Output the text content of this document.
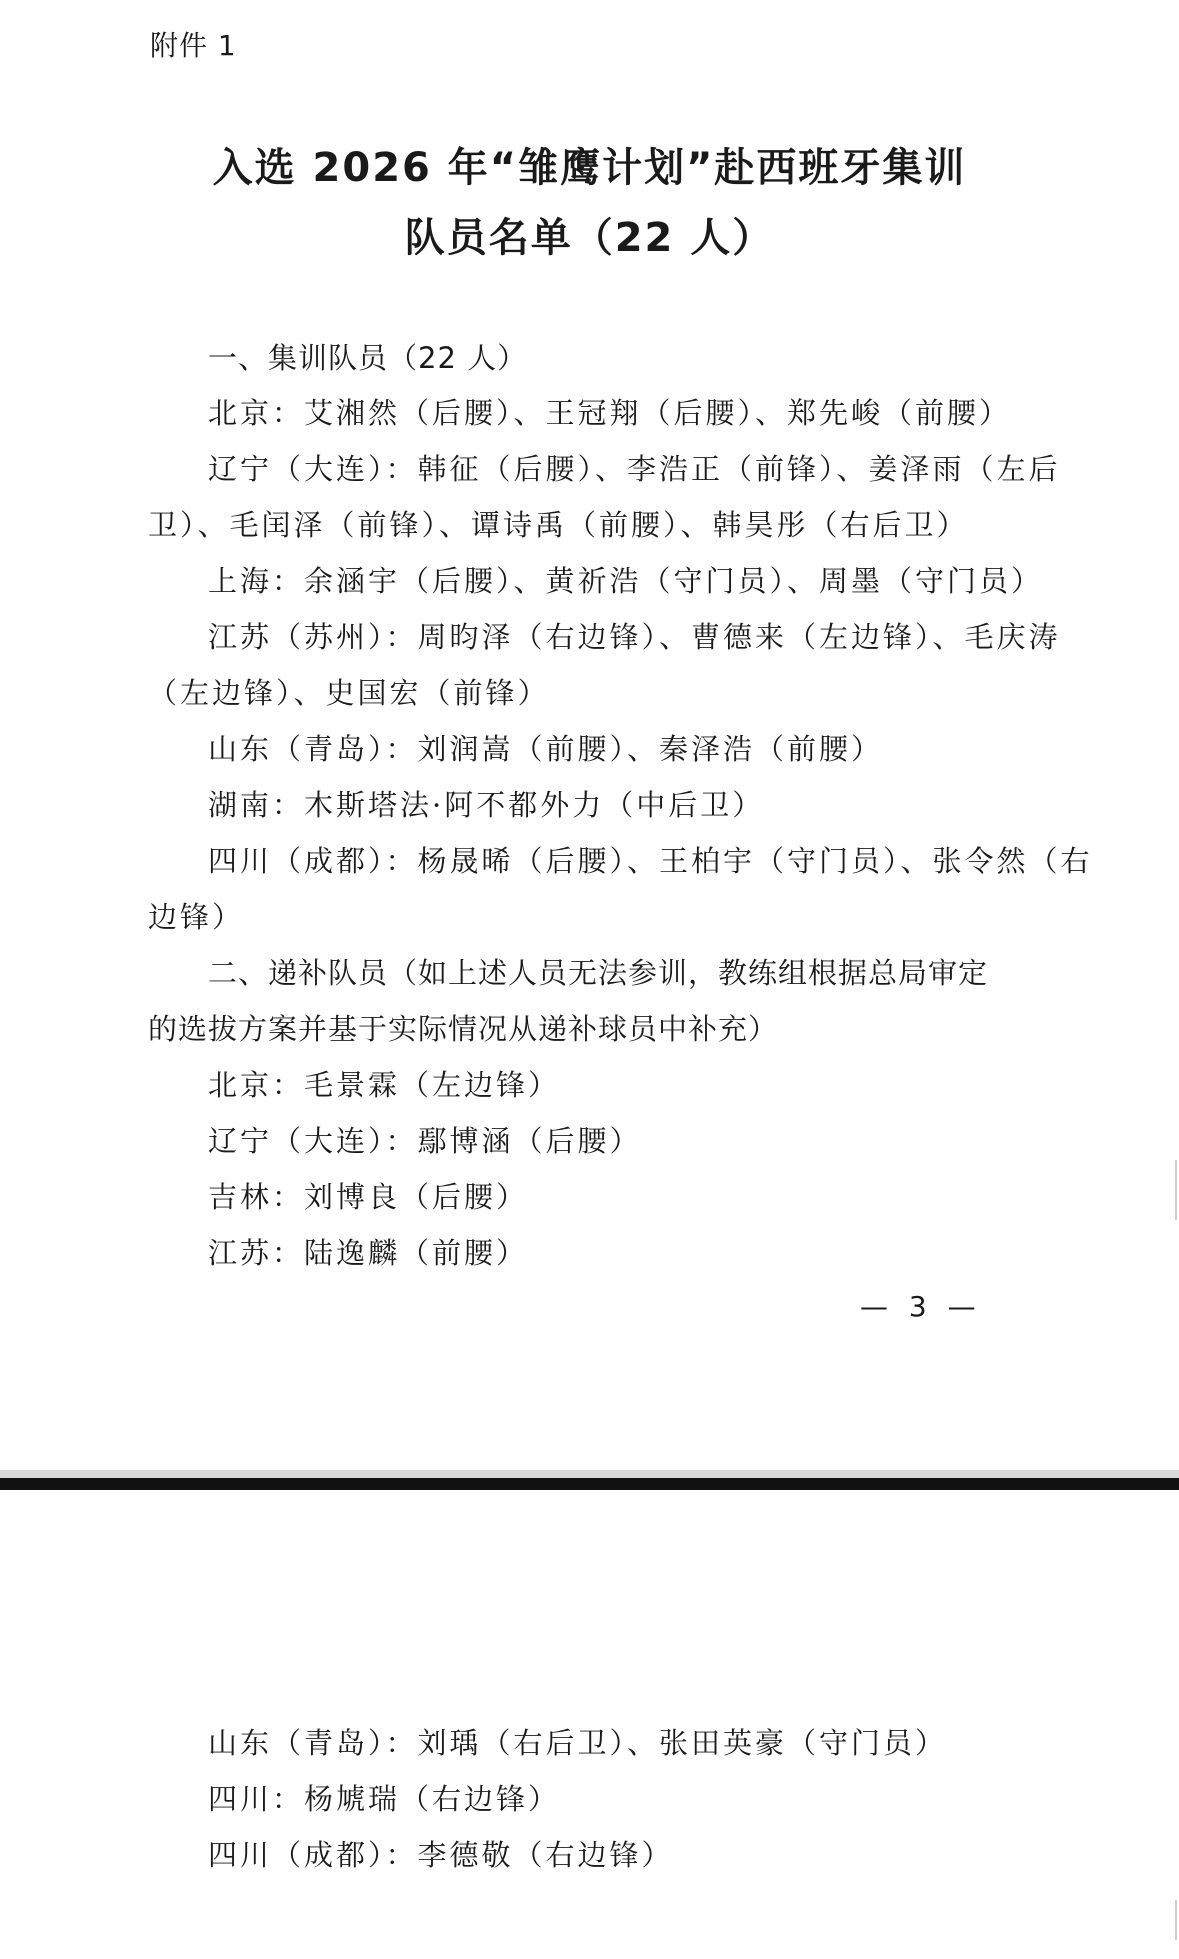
附件 1
入选 2026 年“雏鹰计划”赴西班牙集训
队员名单（22 人）
一、集训队员（22 人）
北京：艾湘然（后腰）、王冠翔（后腰）、郑先峻（前腰）
辽宁（大连）：韩征（后腰）、李浩正（前锋）、姜泽雨（左后
卫）、毛闰泽（前锋）、谭诗禹（前腰）、韩昊彤（右后卫）
上海：余涵宇（后腰）、黄祈浩（守门员）、周墨（守门员）
江苏（苏州）：周昀泽（右边锋）、曹德来（左边锋）、毛庆涛
（左边锋）、史国宏（前锋）
山东（青岛）：刘润嵩（前腰）、秦泽浩（前腰）
湖南：木斯塔法·阿不都外力（中后卫）
四川（成都）：杨晟晞（后腰）、王柏宇（守门员）、张令然（右
边锋）
二、递补队员（如上述人员无法参训，教练组根据总局审定
的选拔方案并基于实际情况从递补球员中补充）
北京：毛景霖（左边锋）
辽宁（大连）：鄢博涵（后腰）
吉林：刘博良（后腰）
江苏：陆逸麟（前腰）
— 3 —
山东（青岛）：刘瑀（右后卫）、张田英豪（守门员）
四川：杨虓瑞（右边锋）
四川（成都）：李德敬（右边锋）
